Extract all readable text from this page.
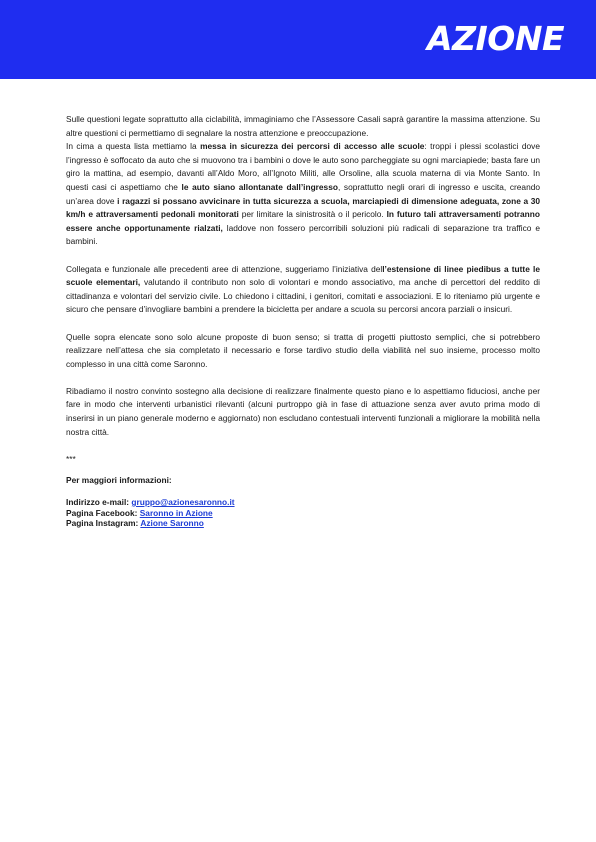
AZIONE

Sulle questioni legate soprattutto alla ciclabilità, immaginiamo che l’Assessore Casali saprà garantire la massima attenzione. Su altre questioni ci permettiamo di segnalare la nostra attenzione e preoccupazione.

In cima a questa lista mettiamo la messa in sicurezza dei percorsi di accesso alle scuole: troppi i plessi scolastici dove l’ingresso è soffocato da auto che si muovono tra i bambini o dove le auto sono parcheggiate su ogni marciapiede; basta fare un giro la mattina, ad esempio, davanti all’Aldo Moro, all’Ignoto Militi, alle Orsoline, alla scuola materna di via Monte Santo. In questi casi ci aspettiamo che le auto siano allontanate dall’ingresso, soprattutto negli orari di ingresso e uscita, creando un’area dove i ragazzi si possano avvicinare in tutta sicurezza a scuola, marciapiedi di dimensione adeguata, zone a 30 km/h e attraversamenti pedonali monitorati per limitare la sinistrosità o il pericolo. In futuro tali attraversamenti potranno essere anche opportunamente rialzati, laddove non fossero percorribili soluzioni più radicali di separazione tra traffico e bambini.

Collegata e funzionale alle precedenti aree di attenzione, suggeriamo l’iniziativa dell’estensione di linee piedibus a tutte le scuole elementari, valutando il contributo non solo di volontari e mondo associativo, ma anche di percettori del reddito di cittadinanza e volontari del servizio civile. Lo chiedono i cittadini, i genitori, comitati e associazioni. E lo riteniamo più urgente e sicuro che pensare d’invogliare bambini a prendere la bicicletta per andare a scuola su percorsi ancora parziali o insicuri.

Quelle sopra elencate sono solo alcune proposte di buon senso; si tratta di progetti piuttosto semplici, che si potrebbero realizzare nell’attesa che sia completato il necessario e forse tardivo studio della viabilità nel suo insieme, processo molto complesso in una città come Saronno.

Ribadiamo il nostro convinto sostegno alla decisione di realizzare finalmente questo piano e lo aspettiamo fiduciosi, anche per fare in modo che interventi urbanistici rilevanti (alcuni purtroppo già in fase di attuazione senza aver avuto prima modo di inserirsi in un piano generale moderno e aggiornato) non escludano contestuali interventi funzionali a migliorare la mobilità nella nostra città.

***

Per maggiori informazioni:

Indirizzo e-mail: gruppo@azionesaronno.it

Pagina Facebook: Saronno in Azione

Pagina Instagram: Azione Saronno
